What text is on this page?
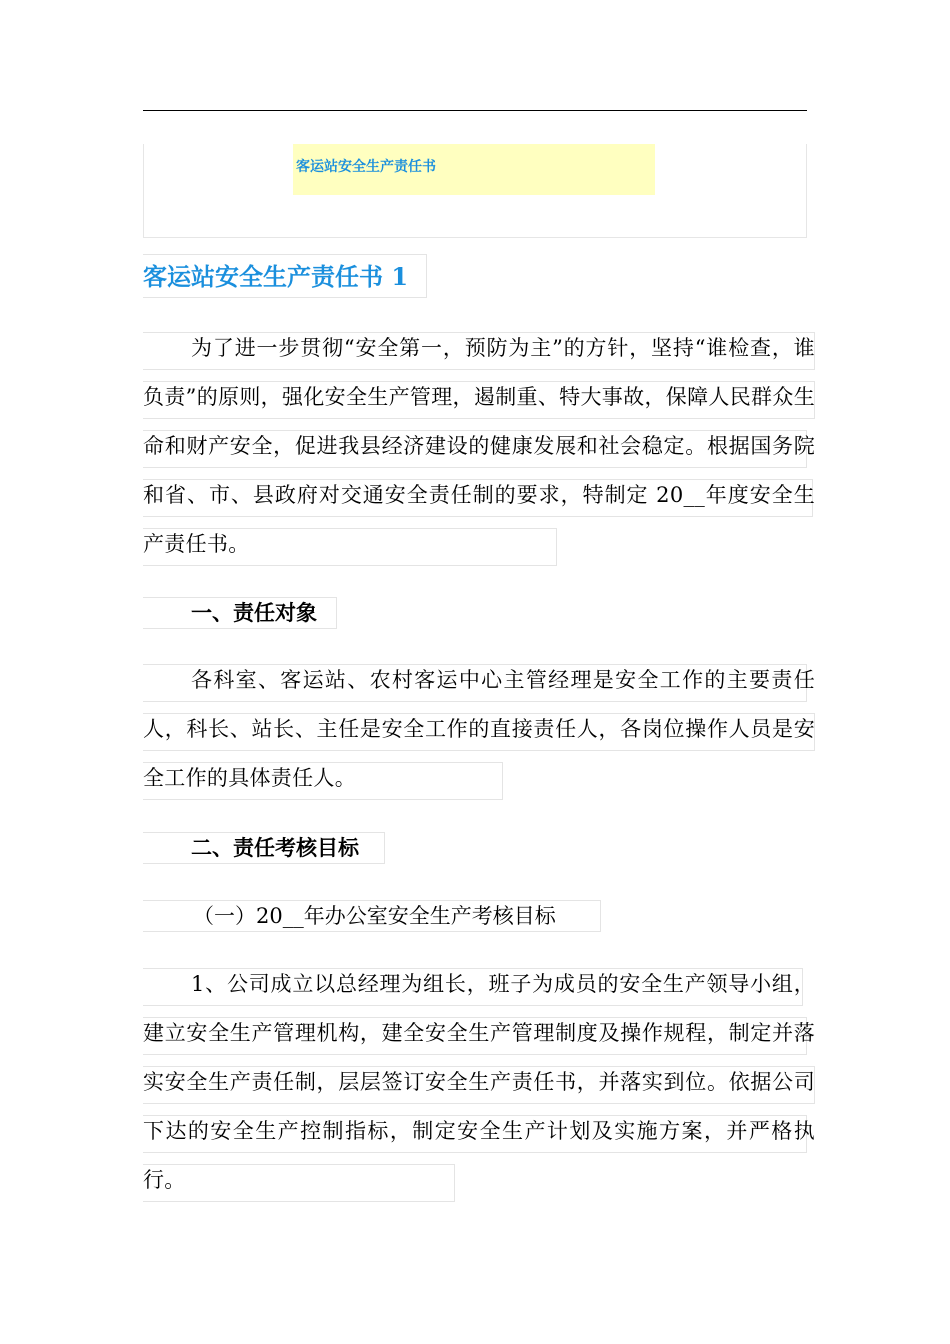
客运站安全生产责任书
客运站安全生产责任书 1
为了进一步贯彻“安全第一，预防为主”的方针，坚持“谁检查，谁负责”的原则，强化安全生产管理，遏制重、特大事故，保障人民群众生命和财产安全，促进我县经济建设的健康发展和社会稳定。根据国务院和省、市、县政府对交通安全责任制的要求，特制定 20__年度安全生产责任书。
一、责任对象
各科室、客运站、农村客运中心主管经理是安全工作的主要责任人，科长、站长、主任是安全工作的直接责任人，各岗位操作人员是安全工作的具体责任人。
二、责任考核目标
（一）20__年办公室安全生产考核目标
1、公司成立以总经理为组长，班子为成员的安全生产领导小组，建立安全生产管理机构，建全安全生产管理制度及操作规程，制定并落实安全生产责任制，层层签订安全生产责任书，并落实到位。依据公司下达的安全生产控制指标，制定安全生产计划及实施方案，并严格执行。
